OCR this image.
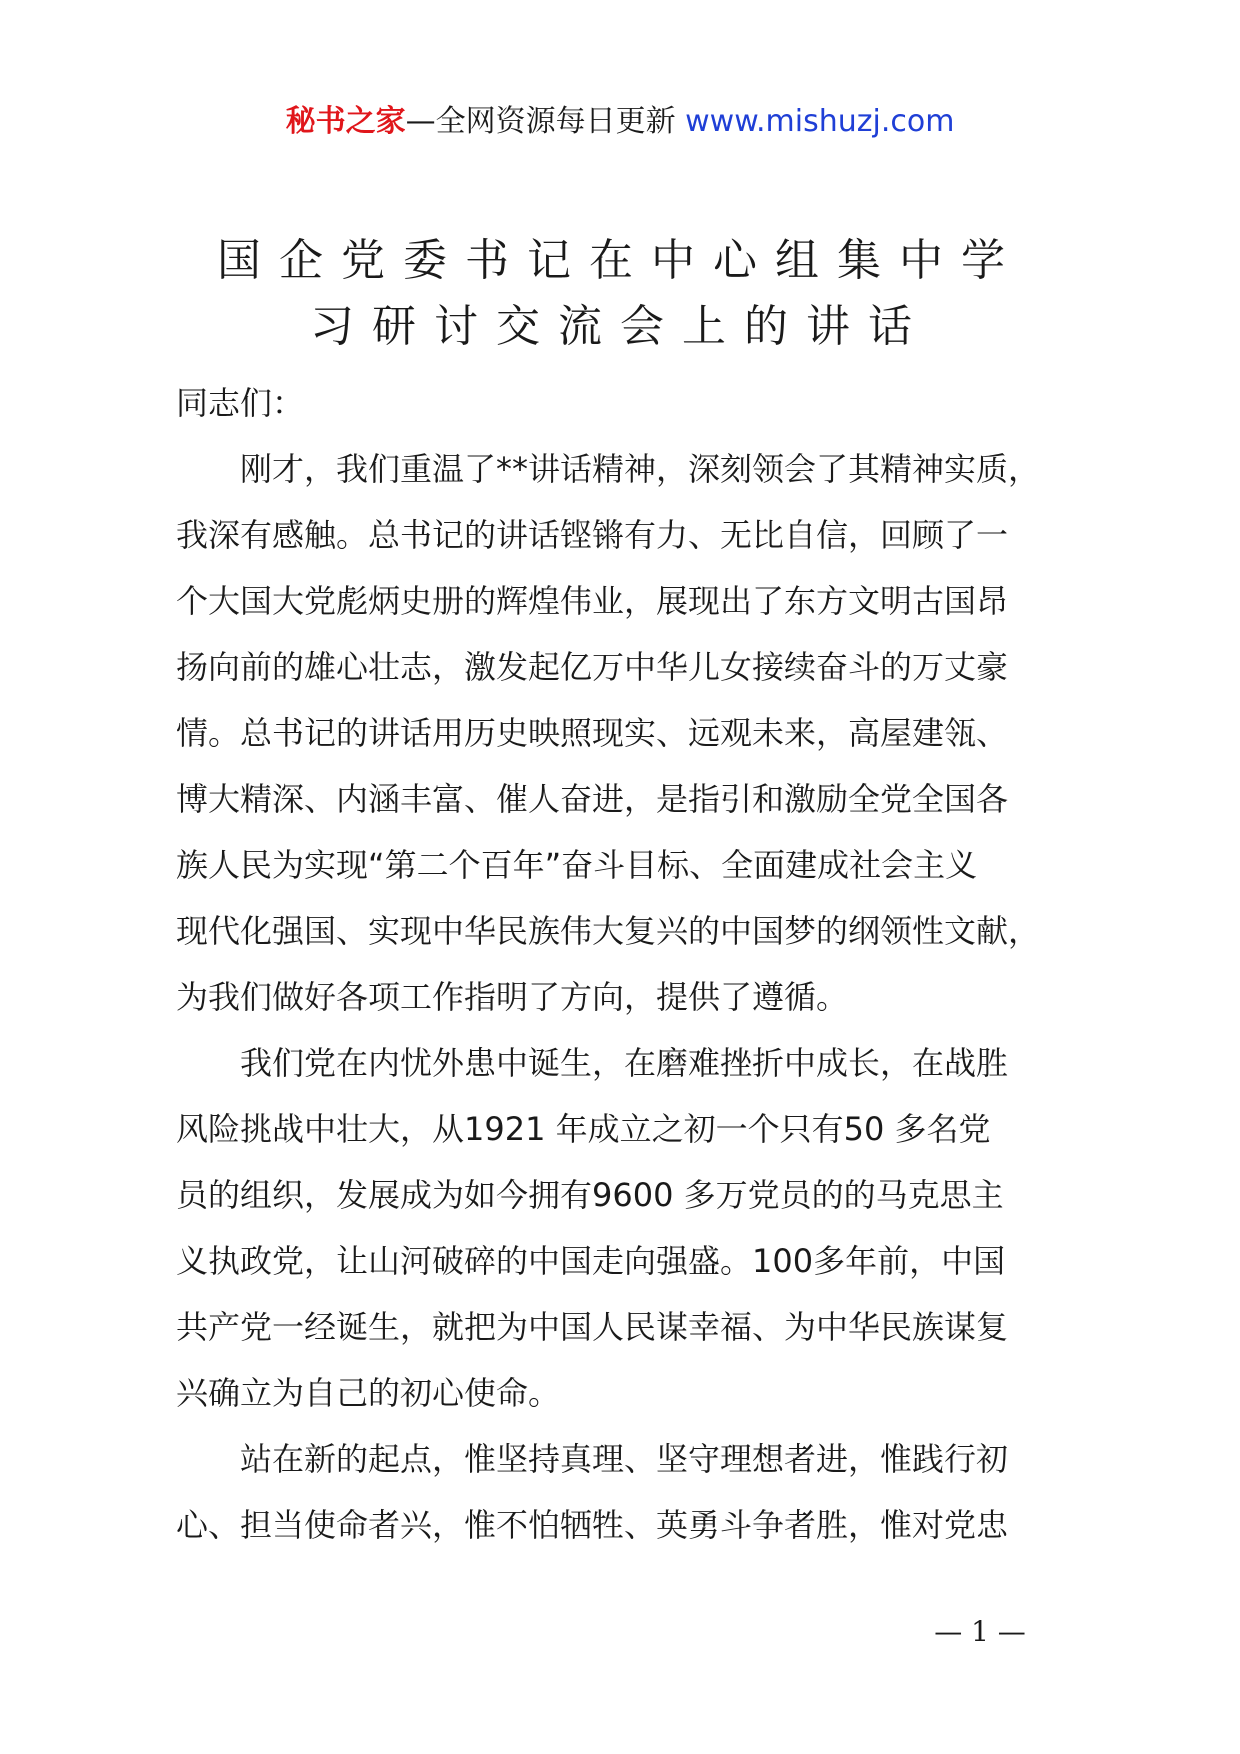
秘书之家—全网资源每日更新 www.mishuzj.com
国企党委书记在中心组集中学
习研讨交流会上的讲话

同志们：

刚才，我们重温了**讲话精神，深刻领会了其精神实质，
我深有感触。总书记的讲话铿锵有力、无比自信，回顾了一
个大国大党彪炳史册的辉煌伟业，展现出了东方文明古国昂
扬向前的雄心壮志，激发起亿万中华儿女接续奋斗的万丈豪
情。总书记的讲话用历史映照现实、远观未来，高屋建瓴、
博大精深、内涵丰富、催人奋进，是指引和激励全党全国各
族人民为实现“第二个百年”奋斗目标、全面建成社会主义
现代化强国、实现中华民族伟大复兴的中国梦的纲领性文献，
为我们做好各项工作指明了方向，提供了遵循。

我们党在内忧外患中诞生，在磨难挫折中成长，在战胜
风险挑战中壮大，从1921 年成立之初一个只有50 多名党
员的组织，发展成为如今拥有9600 多万党员的的马克思主
义执政党，让山河破碎的中国走向强盛。100多年前，中国
共产党一经诞生，就把为中国人民谋幸福、为中华民族谋复
兴确立为自己的初心使命。

站在新的起点，惟坚持真理、坚守理想者进，惟践行初
心、担当使命者兴，惟不怕牺牲、英勇斗争者胜，惟对党忠

— 1 —
